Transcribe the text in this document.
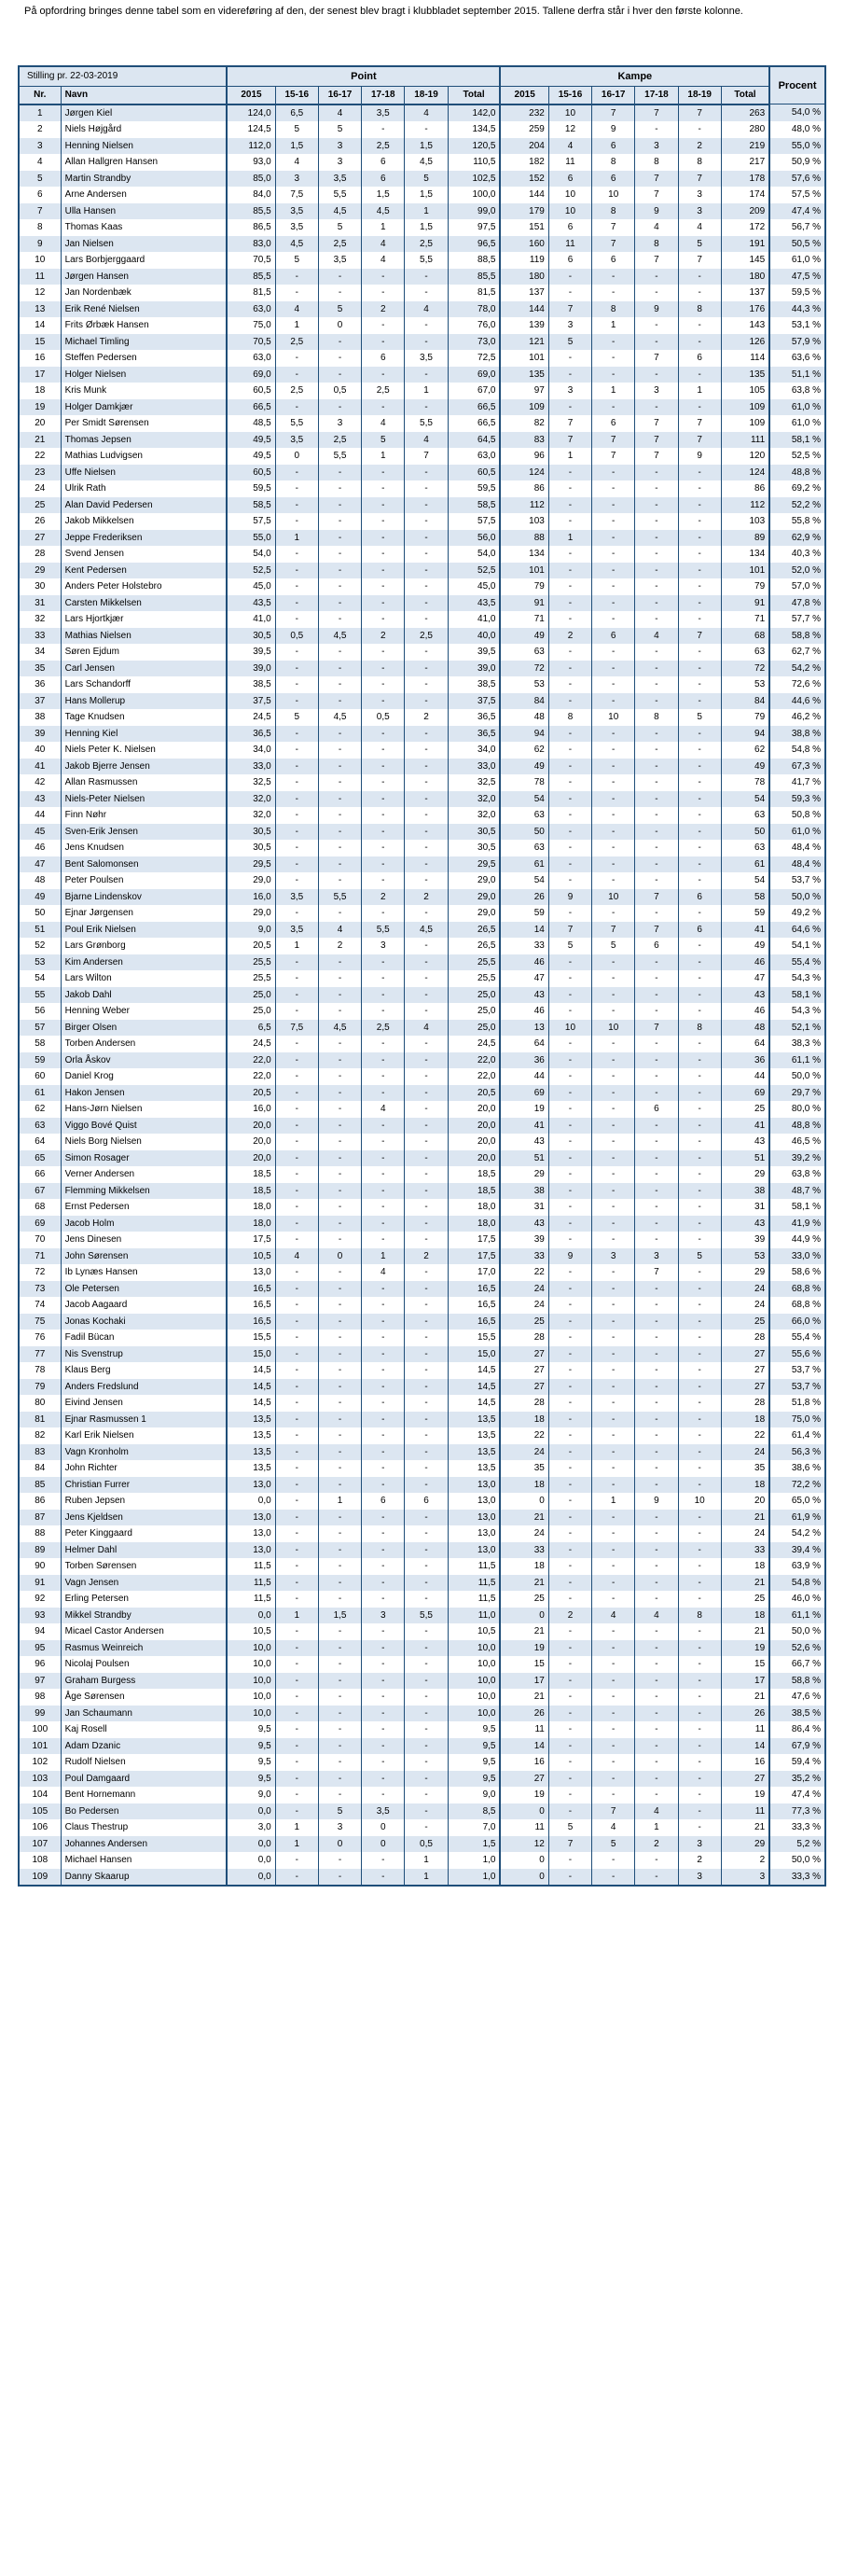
På opfordring bringes denne tabel som en videreføring af den, der senest blev bragt i klubbladet september 2015. Tallene derfra står i hver den første kolonne.
Stilling pr. 22-03-2019		Point						Kampe						Procent
Nr.	Navn	2015	15-16	16-17	17-18	18-19	Total	2015	15-16	16-17	17-18	18-19	Total	
1	Jørgen Kiel	124,0	6,5	4	3,5	4	142,0	232	10	7	7	7	263	54,0 %
2	Niels Højgård	124,5	5	5	-	-	134,5	259	12	9	-	-	280	48,0 %
3	Henning Nielsen	112,0	1,5	3	2,5	1,5	120,5	204	4	6	3	2	219	55,0 %
4	Allan Hallgren Hansen	93,0	4	3	6	4,5	110,5	182	11	8	8	8	217	50,9 %
5	Martin Strandby	85,0	3	3,5	6	5	102,5	152	6	6	7	7	178	57,6 %
6	Arne Andersen	84,0	7,5	5,5	1,5	1,5	100,0	144	10	10	7	3	174	57,5 %
7	Ulla Hansen	85,5	3,5	4,5	4,5	1	99,0	179	10	8	9	3	209	47,4 %
8	Thomas Kaas	86,5	3,5	5	1	1,5	97,5	151	6	7	4	4	172	56,7 %
9	Jan Nielsen	83,0	4,5	2,5	4	2,5	96,5	160	11	7	8	5	191	50,5 %
10	Lars Borbjerggaard	70,5	5	3,5	4	5,5	88,5	119	6	6	7	7	145	61,0 %
11	Jørgen Hansen	85,5	-	-	-	-	85,5	180	-	-	-	-	180	47,5 %
12	Jan Nordenbæk	81,5	-	-	-	-	81,5	137	-	-	-	-	137	59,5 %
13	Erik René Nielsen	63,0	4	5	2	4	78,0	144	7	8	9	8	176	44,3 %
14	Frits Ørbæk Hansen	75,0	1	0	-	-	76,0	139	3	1	-	-	143	53,1 %
15	Michael Timling	70,5	2,5	-	-	-	73,0	121	5	-	-	-	126	57,9 %
16	Steffen Pedersen	63,0	-	-	6	3,5	72,5	101	-	-	7	6	114	63,6 %
17	Holger Nielsen	69,0	-	-	-	-	69,0	135	-	-	-	-	135	51,1 %
18	Kris Munk	60,5	2,5	0,5	2,5	1	67,0	97	3	1	3	1	105	63,8 %
19	Holger Damkjær	66,5	-	-	-	-	66,5	109	-	-	-	-	109	61,0 %
20	Per Smidt Sørensen	48,5	5,5	3	4	5,5	66,5	82	7	6	7	7	109	61,0 %
21	Thomas Jepsen	49,5	3,5	2,5	5	4	64,5	83	7	7	7	7	111	58,1 %
22	Mathias Ludvigsen	49,5	0	5,5	1	7	63,0	96	1	7	7	9	120	52,5 %
23	Uffe Nielsen	60,5	-	-	-	-	60,5	124	-	-	-	-	124	48,8 %
24	Ulrik Rath	59,5	-	-	-	-	59,5	86	-	-	-	-	86	69,2 %
25	Alan David Pedersen	58,5	-	-	-	-	58,5	112	-	-	-	-	112	52,2 %
26	Jakob Mikkelsen	57,5	-	-	-	-	57,5	103	-	-	-	-	103	55,8 %
27	Jeppe Frederiksen	55,0	1	-	-	-	56,0	88	1	-	-	-	89	62,9 %
28	Svend Jensen	54,0	-	-	-	-	54,0	134	-	-	-	-	134	40,3 %
29	Kent Pedersen	52,5	-	-	-	-	52,5	101	-	-	-	-	101	52,0 %
30	Anders Peter Holstebro	45,0	-	-	-	-	45,0	79	-	-	-	-	79	57,0 %
31	Carsten Mikkelsen	43,5	-	-	-	-	43,5	91	-	-	-	-	91	47,8 %
32	Lars Hjortkjær	41,0	-	-	-	-	41,0	71	-	-	-	-	71	57,7 %
33	Mathias Nielsen	30,5	0,5	4,5	2	2,5	40,0	49	2	6	4	7	68	58,8 %
34	Søren Ejdum	39,5	-	-	-	-	39,5	63	-	-	-	-	63	62,7 %
35	Carl Jensen	39,0	-	-	-	-	39,0	72	-	-	-	-	72	54,2 %
36	Lars Schandorff	38,5	-	-	-	-	38,5	53	-	-	-	-	53	72,6 %
37	Hans Mollerup	37,5	-	-	-	-	37,5	84	-	-	-	-	84	44,6 %
38	Tage Knudsen	24,5	5	4,5	0,5	2	36,5	48	8	10	8	5	79	46,2 %
39	Henning Kiel	36,5	-	-	-	-	36,5	94	-	-	-	-	94	38,8 %
40	Niels Peter K. Nielsen	34,0	-	-	-	-	34,0	62	-	-	-	-	62	54,8 %
41	Jakob Bjerre Jensen	33,0	-	-	-	-	33,0	49	-	-	-	-	49	67,3 %
42	Allan Rasmussen	32,5	-	-	-	-	32,5	78	-	-	-	-	78	41,7 %
43	Niels-Peter Nielsen	32,0	-	-	-	-	32,0	54	-	-	-	-	54	59,3 %
44	Finn Nøhr	32,0	-	-	-	-	32,0	63	-	-	-	-	63	50,8 %
45	Sven-Erik Jensen	30,5	-	-	-	-	30,5	50	-	-	-	-	50	61,0 %
46	Jens Knudsen	30,5	-	-	-	-	30,5	63	-	-	-	-	63	48,4 %
47	Bent Salomonsen	29,5	-	-	-	-	29,5	61	-	-	-	-	61	48,4 %
48	Peter Poulsen	29,0	-	-	-	-	29,0	54	-	-	-	-	54	53,7 %
49	Bjarne Lindenskov	16,0	3,5	5,5	2	2	29,0	26	9	10	7	6	58	50,0 %
50	Ejnar Jørgensen	29,0	-	-	-	-	29,0	59	-	-	-	-	59	49,2 %
51	Poul Erik Nielsen	9,0	3,5	4	5,5	4,5	26,5	14	7	7	7	6	41	64,6 %
52	Lars Grønborg	20,5	1	2	3	-	26,5	33	5	5	6	-	49	54,1 %
53	Kim Andersen	25,5	-	-	-	-	25,5	46	-	-	-	-	46	55,4 %
54	Lars Wilton	25,5	-	-	-	-	25,5	47	-	-	-	-	47	54,3 %
55	Jakob Dahl	25,0	-	-	-	-	25,0	43	-	-	-	-	43	58,1 %
56	Henning Weber	25,0	-	-	-	-	25,0	46	-	-	-	-	46	54,3 %
57	Birger Olsen	6,5	7,5	4,5	2,5	4	25,0	13	10	10	7	8	48	52,1 %
58	Torben Andersen	24,5	-	-	-	-	24,5	64	-	-	-	-	64	38,3 %
59	Orla Åskov	22,0	-	-	-	-	22,0	36	-	-	-	-	36	61,1 %
60	Daniel Krog	22,0	-	-	-	-	22,0	44	-	-	-	-	44	50,0 %
61	Hakon Jensen	20,5	-	-	-	-	20,5	69	-	-	-	-	69	29,7 %
62	Hans-Jørn Nielsen	16,0	-	-	4	-	20,0	19	-	-	6	-	25	80,0 %
63	Viggo Bové Quist	20,0	-	-	-	-	20,0	41	-	-	-	-	41	48,8 %
64	Niels Borg Nielsen	20,0	-	-	-	-	20,0	43	-	-	-	-	43	46,5 %
65	Simon Rosager	20,0	-	-	-	-	20,0	51	-	-	-	-	51	39,2 %
66	Verner Andersen	18,5	-	-	-	-	18,5	29	-	-	-	-	29	63,8 %
67	Flemming Mikkelsen	18,5	-	-	-	-	18,5	38	-	-	-	-	38	48,7 %
68	Ernst Pedersen	18,0	-	-	-	-	18,0	31	-	-	-	-	31	58,1 %
69	Jacob Holm	18,0	-	-	-	-	18,0	43	-	-	-	-	43	41,9 %
70	Jens Dinesen	17,5	-	-	-	-	17,5	39	-	-	-	-	39	44,9 %
71	John Sørensen	10,5	4	0	1	2	17,5	33	9	3	3	5	53	33,0 %
72	Ib Lynæs Hansen	13,0	-	-	4	-	17,0	22	-	-	7	-	29	58,6 %
73	Ole Petersen	16,5	-	-	-	-	16,5	24	-	-	-	-	24	68,8 %
74	Jacob Aagaard	16,5	-	-	-	-	16,5	24	-	-	-	-	24	68,8 %
75	Jonas Kochaki	16,5	-	-	-	-	16,5	25	-	-	-	-	25	66,0 %
76	Fadil Bücan	15,5	-	-	-	-	15,5	28	-	-	-	-	28	55,4 %
77	Nis Svenstrup	15,0	-	-	-	-	15,0	27	-	-	-	-	27	55,6 %
78	Klaus Berg	14,5	-	-	-	-	14,5	27	-	-	-	-	27	53,7 %
79	Anders Fredslund	14,5	-	-	-	-	14,5	27	-	-	-	-	27	53,7 %
80	Eivind Jensen	14,5	-	-	-	-	14,5	28	-	-	-	-	28	51,8 %
81	Ejnar Rasmussen 1	13,5	-	-	-	-	13,5	18	-	-	-	-	18	75,0 %
82	Karl Erik Nielsen	13,5	-	-	-	-	13,5	22	-	-	-	-	22	61,4 %
83	Vagn Kronholm	13,5	-	-	-	-	13,5	24	-	-	-	-	24	56,3 %
84	John Richter	13,5	-	-	-	-	13,5	35	-	-	-	-	35	38,6 %
85	Christian Furrer	13,0	-	-	-	-	13,0	18	-	-	-	-	18	72,2 %
86	Ruben Jepsen	0,0	-	1	6	6	13,0	0	-	1	9	10	20	65,0 %
87	Jens Kjeldsen	13,0	-	-	-	-	13,0	21	-	-	-	-	21	61,9 %
88	Peter Kinggaard	13,0	-	-	-	-	13,0	24	-	-	-	-	24	54,2 %
89	Helmer Dahl	13,0	-	-	-	-	13,0	33	-	-	-	-	33	39,4 %
90	Torben Sørensen	11,5	-	-	-	-	11,5	18	-	-	-	-	18	63,9 %
91	Vagn Jensen	11,5	-	-	-	-	11,5	21	-	-	-	-	21	54,8 %
92	Erling Petersen	11,5	-	-	-	-	11,5	25	-	-	-	-	25	46,0 %
93	Mikkel Strandby	0,0	1	1,5	3	5,5	11,0	0	2	4	4	8	18	61,1 %
94	Micael Castor Andersen	10,5	-	-	-	-	10,5	21	-	-	-	-	21	50,0 %
95	Rasmus Weinreich	10,0	-	-	-	-	10,0	19	-	-	-	-	19	52,6 %
96	Nicolaj Poulsen	10,0	-	-	-	-	10,0	15	-	-	-	-	15	66,7 %
97	Graham Burgess	10,0	-	-	-	-	10,0	17	-	-	-	-	17	58,8 %
98	Åge Sørensen	10,0	-	-	-	-	10,0	21	-	-	-	-	21	47,6 %
99	Jan Schaumann	10,0	-	-	-	-	10,0	26	-	-	-	-	26	38,5 %
100	Kaj Rosell	9,5	-	-	-	-	9,5	11	-	-	-	-	11	86,4 %
101	Adam Dzanic	9,5	-	-	-	-	9,5	14	-	-	-	-	14	67,9 %
102	Rudolf Nielsen	9,5	-	-	-	-	9,5	16	-	-	-	-	16	59,4 %
103	Poul Damgaard	9,5	-	-	-	-	9,5	27	-	-	-	-	27	35,2 %
104	Bent Hornemann	9,0	-	-	-	-	9,0	19	-	-	-	-	19	47,4 %
105	Bo Pedersen	0,0	-	5	3,5	-	8,5	0	-	7	4	-	11	77,3 %
106	Claus Thestrup	3,0	1	3	0	-	7,0	11	5	4	1	-	21	33,3 %
107	Johannes Andersen	0,0	1	0	0	0,5	1,5	12	7	5	2	3	29	5,2 %
108	Michael Hansen	0,0	-	-	-	1	1,0	0	-	-	-	2	2	50,0 %
109	Danny Skaarup	0,0	-	-	-	1	1,0	0	-	-	-	3	3	33,3 %
